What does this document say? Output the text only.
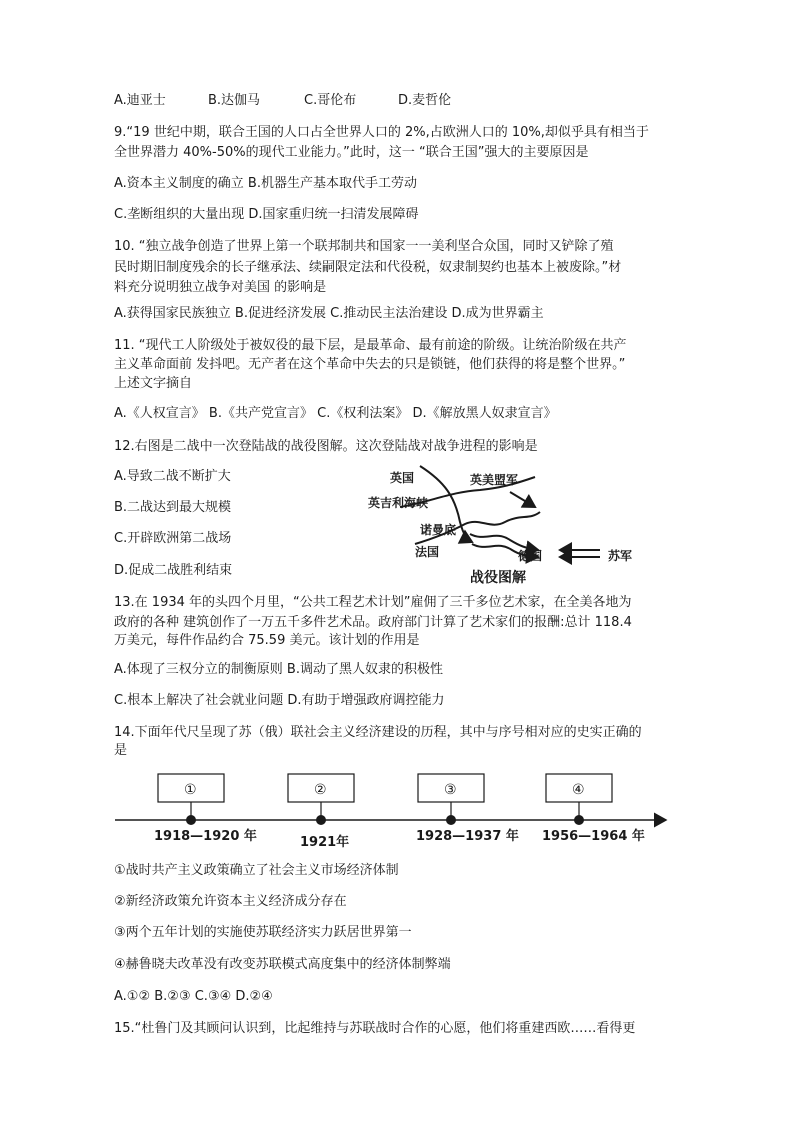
A.迪亚士	B.达伽马	C.哥伦布	D.麦哲伦
9.“19 世纪中期，联合王国的人口占全世界人口的 2%,占欧洲人口的 10%,却似乎具有相当于
全世界潜力 40%-50%的现代工业能力。”此时，这一 “联合王国”强大的主要原因是
A.资本主义制度的确立 B.机器生产基本取代手工劳动
C.垄断组织的大量出现 D.国家重归统一扫清发展障碍
10. “独立战争创造了世界上第一个联邦制共和国家一一美利坚合众国，同时又铲除了殖
民时期旧制度残余的长子继承法、续嗣限定法和代役税，奴隶制契约也基本上被废除。”材
料充分说明独立战争对美国 的影响是
A.获得国家民族独立 B.促进经济发展 C.推动民主法治建设 D.成为世界霸主
11. “现代工人阶级处于被奴役的最下层，是最革命、最有前途的阶级。让统治阶级在共产
主义革命面前 发抖吧。无产者在这个革命中失去的只是锁链，他们获得的将是整个世界。”
上述文字摘自
A.《人权宣言》 B.《共产党宣言》 C.《权利法案》 D.《解放黑人奴隶宣言》
12.右图是二战中一次登陆战的战役图解。这次登陆战对战争进程的影响是
A.导致二战不断扩大
B.二战达到最大规模
C.开辟欧洲第二战场
D.促成二战胜利结束
英国	英美盟军
英吉利海峡
诺曼底
法国	德国	苏军
战役图解
13.在 1934 年的头四个月里，“公共工程艺术计划”雇佣了三千多位艺术家，在全美各地为
政府的各种 建筑创作了一万五千多件艺术品。政府部门计算了艺术家们的报酬:总计 118.4
万美元，每件作品约合 75.59 美元。该计划的作用是
A.体现了三权分立的制衡原则 B.调动了黑人奴隶的积极性
C.根本上解决了社会就业问题 D.有助于增强政府调控能力
14.下面年代尺呈现了苏（俄）联社会主义经济建设的历程，其中与序号相对应的史实正确的
是
①
1918—1920 年
②
1921年
③
1928—1937 年
④
1956—1964 年
①战时共产主义政策确立了社会主义市场经济体制
②新经济政策允许资本主义经济成分存在
③两个五年计划的实施使苏联经济实力跃居世界第一
④赫鲁晓夫改革没有改变苏联模式高度集中的经济体制弊端
A.①② B.②③ C.③④ D.②④
15.“杜鲁门及其顾问认识到，比起维持与苏联战时合作的心愿，他们将重建西欧……看得更
